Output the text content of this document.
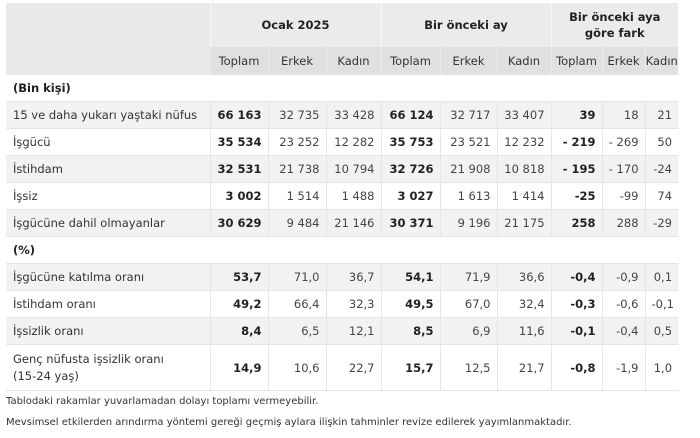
	Ocak 2025			Bir önceki ay			Bir önceki aya göre fark		
	Toplam	Erkek	Kadın	Toplam	Erkek	Kadın	Toplam	Erkek	Kadın
(Bin kişi)									
15 ve daha yukarı yaştaki nüfus	66 163	32 735	33 428	66 124	32 717	33 407	39	18	21
İşgücü	35 534	23 252	12 282	35 753	23 521	12 232	- 219	- 269	50
İstihdam	32 531	21 738	10 794	32 726	21 908	10 818	- 195	- 170	-24
İşsiz	3 002	1 514	1 488	3 027	1 613	1 414	-25	-99	74
İşgücüne dahil olmayanlar	30 629	9 484	21 146	30 371	9 196	21 175	258	288	-29
(%)									
İşgücüne katılma oranı	53,7	71,0	36,7	54,1	71,9	36,6	-0,4	-0,9	0,1
İstihdam oranı	49,2	66,4	32,3	49,5	67,0	32,4	-0,3	-0,6	-0,1
İşsizlik oranı	8,4	6,5	12,1	8,5	6,9	11,6	-0,1	-0,4	0,5
Genç nüfusta işsizlik oranı
(15-24 yaş)	14,9	10,6	22,7	15,7	12,5	21,7	-0,8	-1,9	1,0

Tablodaki rakamlar yuvarlamadan dolayı toplamı vermeyebilir.

Mevsimsel etkilerden arındırma yöntemi gereği geçmiş aylara ilişkin tahminler revize edilerek yayımlanmaktadır.
